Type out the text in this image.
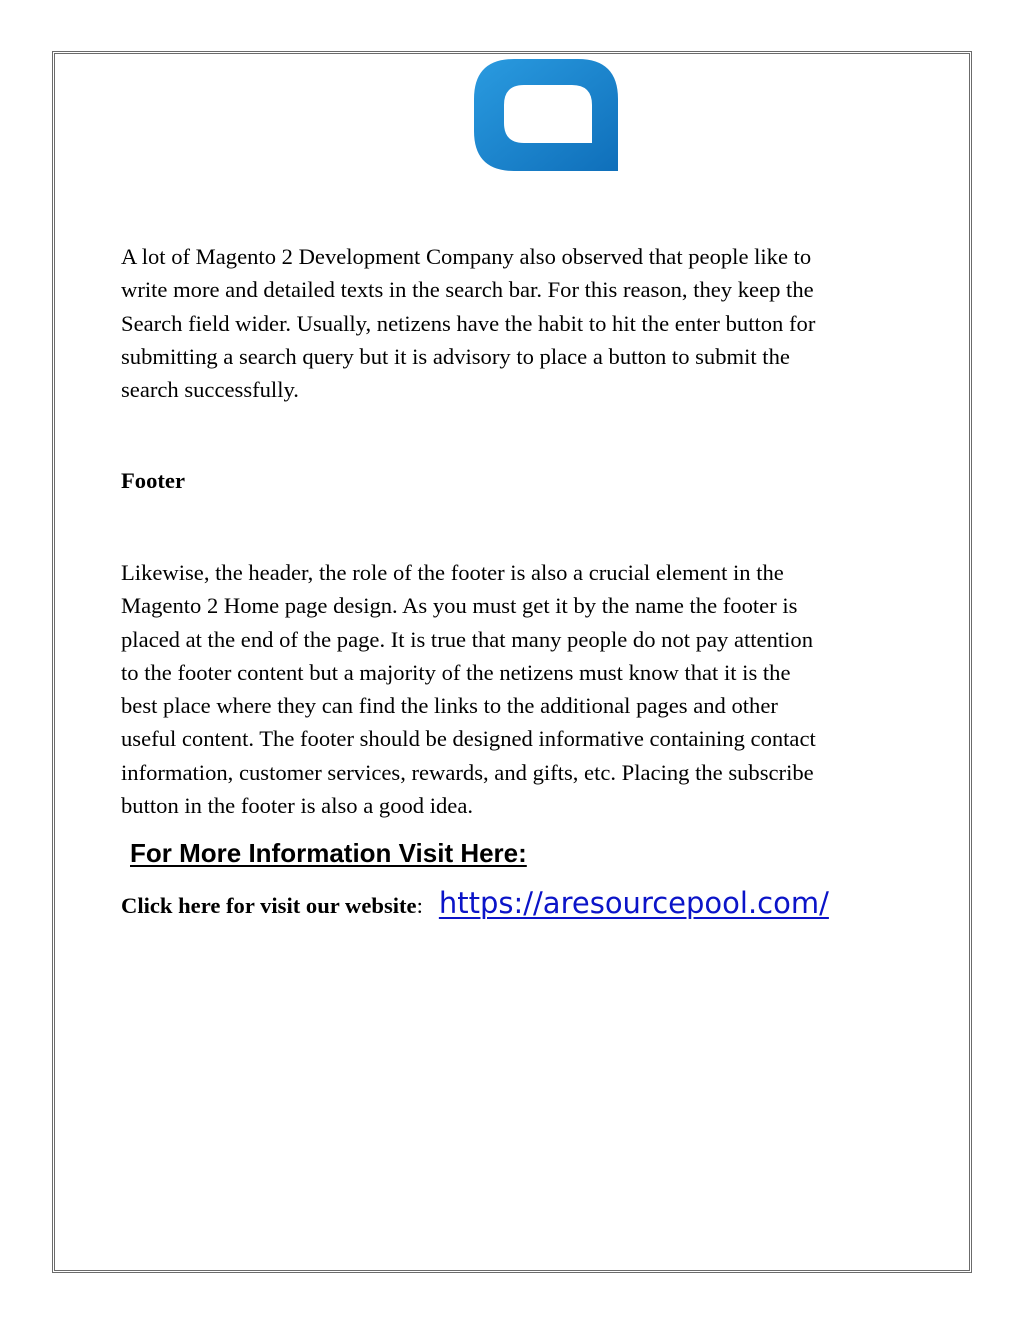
A lot of Magento 2 Development Company also observed that people like to
write more and detailed texts in the search bar. For this reason, they keep the
Search field wider. Usually, netizens have the habit to hit the enter button for
submitting a search query but it is advisory to place a button to submit the
search successfully.

Footer

Likewise, the header, the role of the footer is also a crucial element in the
Magento 2 Home page design. As you must get it by the name the footer is
placed at the end of the page. It is true that many people do not pay attention
to the footer content but a majority of the netizens must know that it is the
best place where they can find the links to the additional pages and other
useful content. The footer should be designed informative containing contact
information, customer services, rewards, and gifts, etc. Placing the subscribe
button in the footer is also a good idea.

For More Information Visit Here:
Click here for visit our website: https://aresourcepool.com/
